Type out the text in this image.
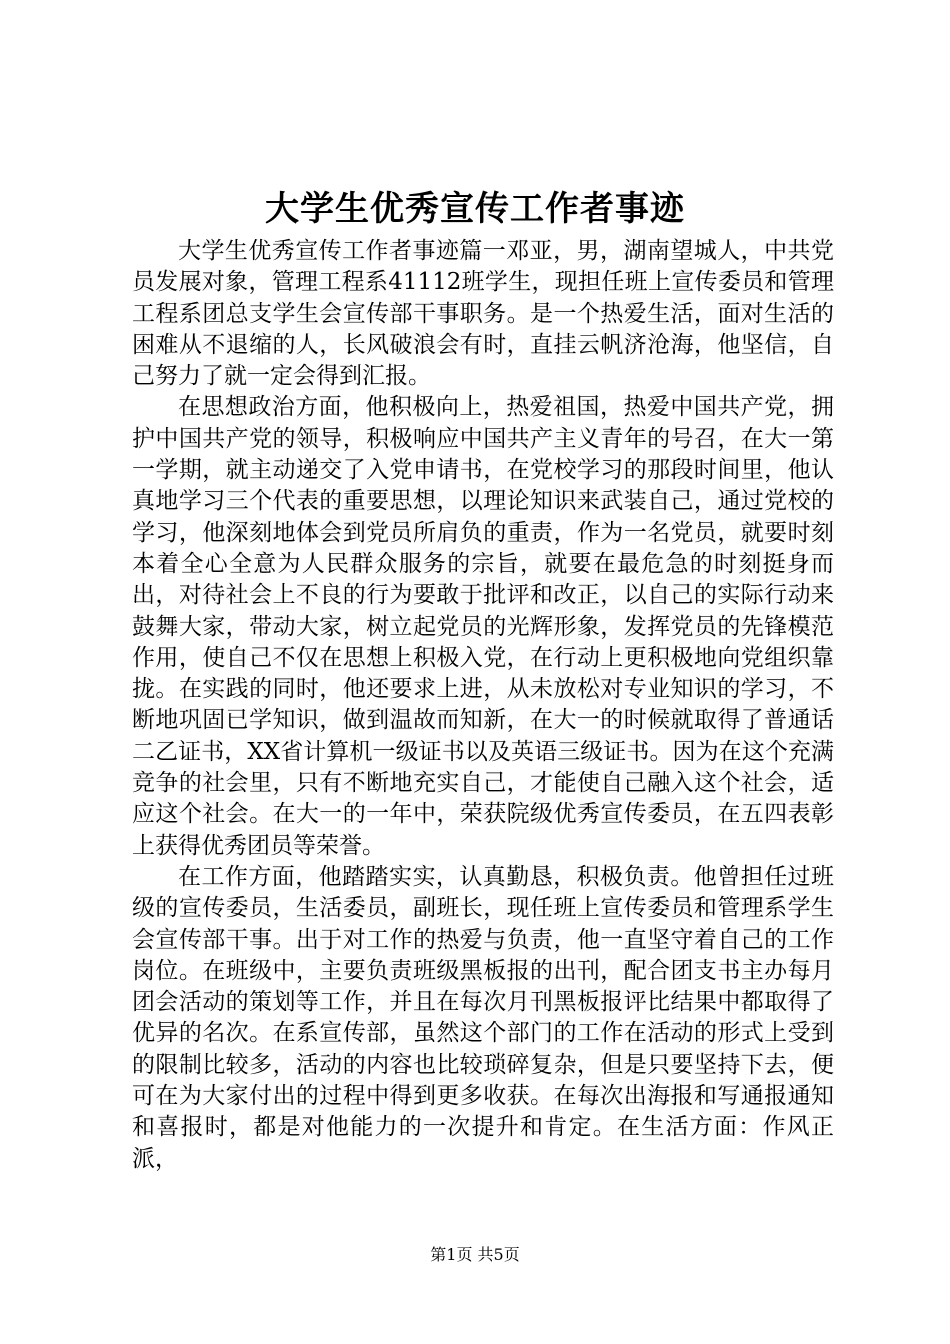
大学生优秀宣传工作者事迹

大学生优秀宣传工作者事迹篇一邓亚，男，湖南望城人，中共党员发展对象，管理工程系41112班学生，现担任班上宣传委员和管理工程系团总支学生会宣传部干事职务。是一个热爱生活，面对生活的困难从不退缩的人，长风破浪会有时，直挂云帆济沧海，他坚信，自己努力了就一定会得到汇报。

在思想政治方面，他积极向上，热爱祖国，热爱中国共产党，拥护中国共产党的领导，积极响应中国共产主义青年的号召，在大一第一学期，就主动递交了入党申请书，在党校学习的那段时间里，他认真地学习三个代表的重要思想，以理论知识来武装自己，通过党校的学习，他深刻地体会到党员所肩负的重责，作为一名党员，就要时刻本着全心全意为人民群众服务的宗旨，就要在最危急的时刻挺身而出，对待社会上不良的行为要敢于批评和改正，以自己的实际行动来鼓舞大家，带动大家，树立起党员的光辉形象，发挥党员的先锋模范作用，使自己不仅在思想上积极入党，在行动上更积极地向党组织靠拢。在实践的同时，他还要求上进，从未放松对专业知识的学习，不断地巩固已学知识，做到温故而知新，在大一的时候就取得了普通话二乙证书，XX省计算机一级证书以及英语三级证书。因为在这个充满竞争的社会里，只有不断地充实自己，才能使自己融入这个社会，适应这个社会。在大一的一年中，荣获院级优秀宣传委员，在五四表彰上获得优秀团员等荣誉。

在工作方面，他踏踏实实，认真勤恳，积极负责。他曾担任过班级的宣传委员，生活委员，副班长，现任班上宣传委员和管理系学生会宣传部干事。出于对工作的热爱与负责，他一直坚守着自己的工作岗位。在班级中，主要负责班级黑板报的出刊，配合团支书主办每月团会活动的策划等工作，并且在每次月刊黑板报评比结果中都取得了优异的名次。在系宣传部，虽然这个部门的工作在活动的形式上受到的限制比较多，活动的内容也比较琐碎复杂，但是只要坚持下去，便可在为大家付出的过程中得到更多收获。在每次出海报和写通报通知和喜报时，都是对他能力的一次提升和肯定。在生活方面：作风正派，

第1页 共5页
